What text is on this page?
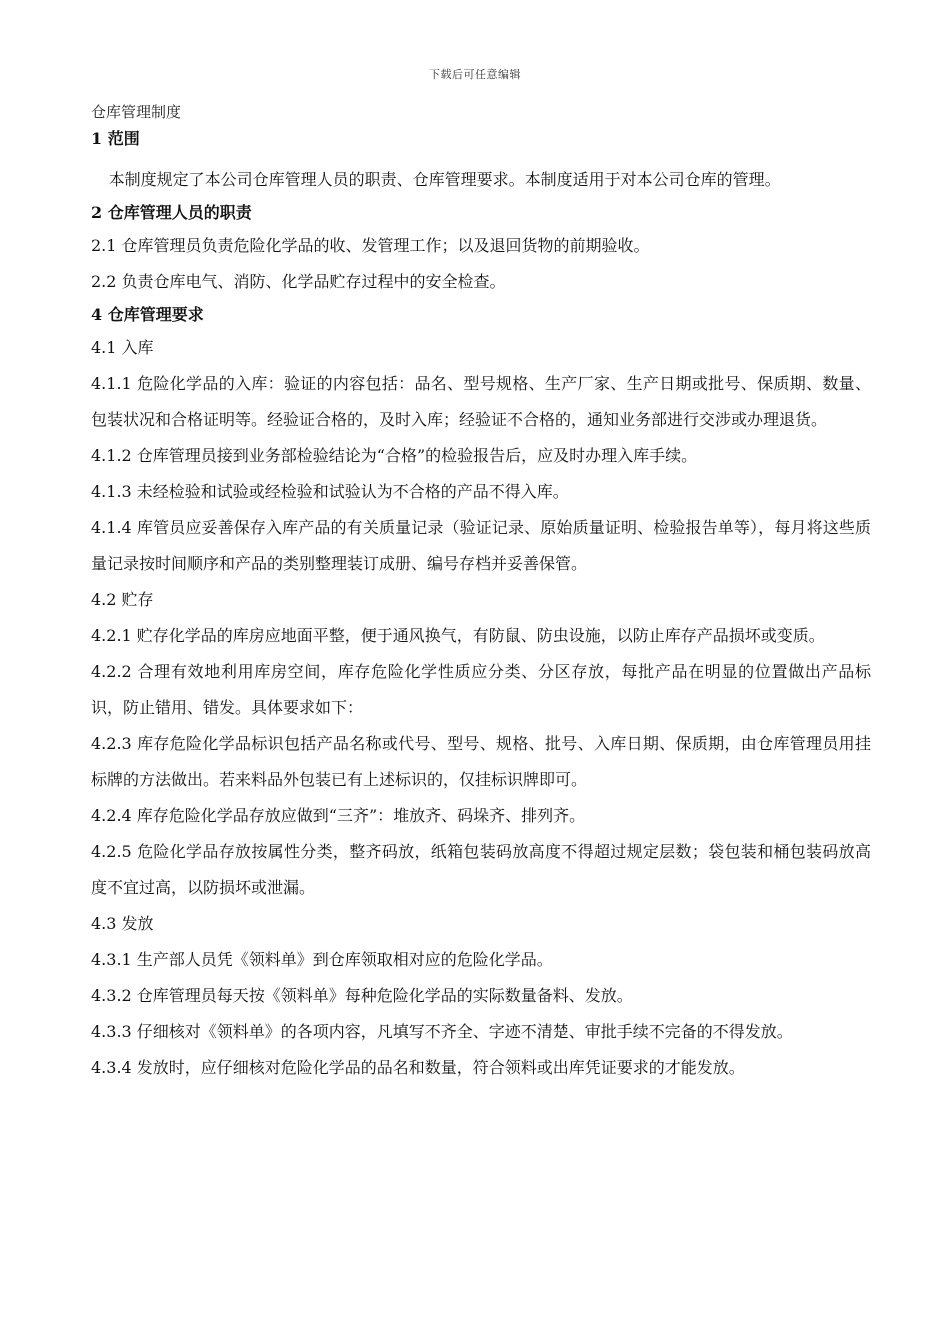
下载后可任意编辑

仓库管理制度

1 范围

本制度规定了本公司仓库管理人员的职责、仓库管理要求。本制度适用于对本公司仓库的管理。

2 仓库管理人员的职责

2.1 仓库管理员负责危险化学品的收、发管理工作；以及退回货物的前期验收。

2.2 负责仓库电气、消防、化学品贮存过程中的安全检查。

4 仓库管理要求

4.1 入库

4.1.1 危险化学品的入库：验证的内容包括：品名、型号规格、生产厂家、生产日期或批号、保质期、数量、包装状况和合格证明等。经验证合格的，及时入库；经验证不合格的，通知业务部进行交涉或办理退货。

4.1.2 仓库管理员接到业务部检验结论为“合格”的检验报告后，应及时办理入库手续。

4.1.3 未经检验和试验或经检验和试验认为不合格的产品不得入库。

4.1.4 库管员应妥善保存入库产品的有关质量记录（验证记录、原始质量证明、检验报告单等），每月将这些质量记录按时间顺序和产品的类别整理装订成册、编号存档并妥善保管。

4.2 贮存

4.2.1 贮存化学品的库房应地面平整，便于通风换气，有防鼠、防虫设施，以防止库存产品损坏或变质。

4.2.2 合理有效地利用库房空间，库存危险化学性质应分类、分区存放，每批产品在明显的位置做出产品标识，防止错用、错发。具体要求如下：

4.2.3 库存危险化学品标识包括产品名称或代号、型号、规格、批号、入库日期、保质期，由仓库管理员用挂标牌的方法做出。若来料品外包装已有上述标识的，仅挂标识牌即可。

4.2.4 库存危险化学品存放应做到“三齐”：堆放齐、码垛齐、排列齐。

4.2.5 危险化学品存放按属性分类，整齐码放，纸箱包装码放高度不得超过规定层数；袋包装和桶包装码放高度不宜过高，以防损坏或泄漏。

4.3 发放

4.3.1 生产部人员凭《领料单》到仓库领取相对应的危险化学品。

4.3.2 仓库管理员每天按《领料单》每种危险化学品的实际数量备料、发放。

4.3.3 仔细核对《领料单》的各项内容，凡填写不齐全、字迹不清楚、审批手续不完备的不得发放。

4.3.4 发放时，应仔细核对危险化学品的品名和数量，符合领料或出库凭证要求的才能发放。
